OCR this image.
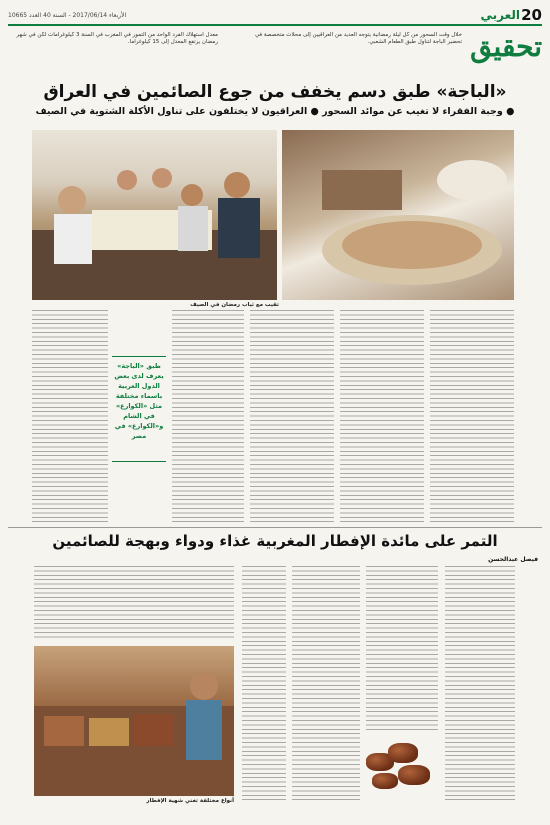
20
العربي
الأربعاء 2017/06/14 - السنة 40 العدد 10665
خلال وقت السحور من كل ليلة رمضانية يتوجه العديد من العراقيين إلى محلات متخصصة في تحضير الباجة لتناول طبق الطعام الشعبي.
معدل استهلاك الفرد الواحد من التمور في المغرب في السنة 3 كيلوغرامات لكن في شهر رمضان يرتفع المعدل إلى 15 كيلوغراما.	تحقيق
«الباجة» طبق دسم يخفف من جوع الصائمين في العراق
● وجبة الفقراء لا تغيب عن موائد السحور ● العراقيون لا يختلفون على تناول الأكلة الشتوية في الصيف
تقيب مع ثياب رمضان في الصيف
طبق «الباجة» يعرف لدى بعض الدول العربية باسماء مختلفة مثل «الكوارع» في الشام و«الكوارع» في مصر
التمر على مائدة الإفطار المغربية غذاء ودواء وبهجة للصائمين
فيصل عبدالحسن
أنواع مختلفة تغني شهية الإفطار
